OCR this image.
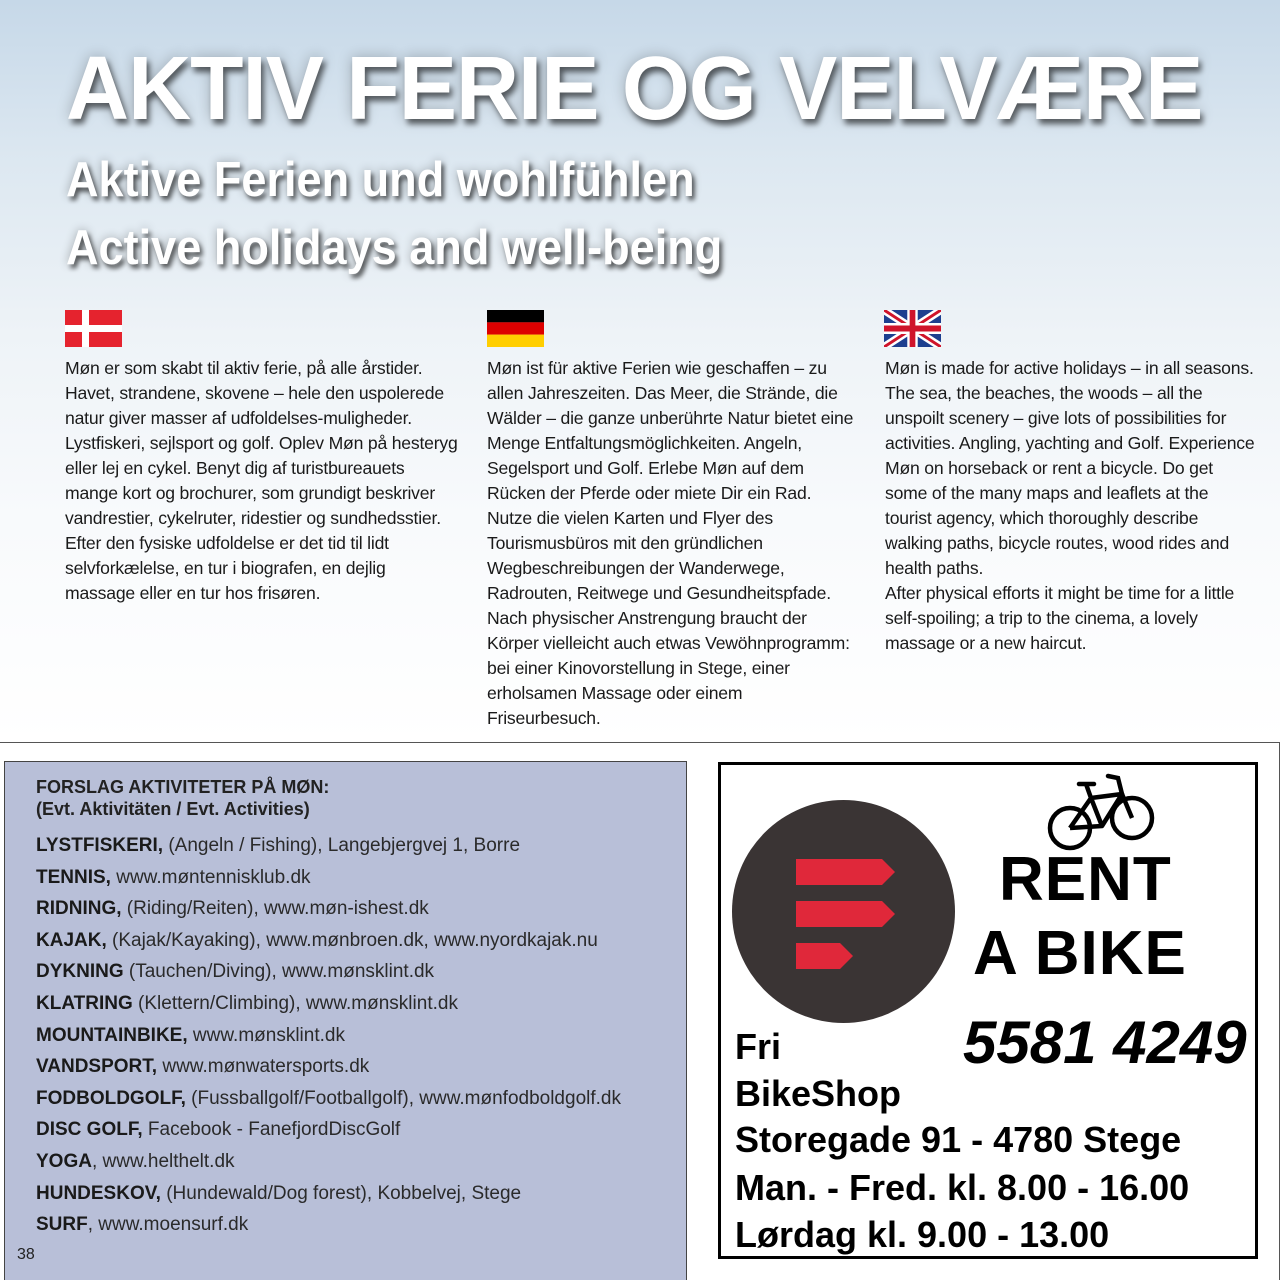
AKTIV FERIE OG VELVÆRE
Aktive Ferien und wohlfühlen
Active holidays and well-being

Møn er som skabt til aktiv ferie, på alle årstider. Havet, strandene, skovene – hele den uspolerede natur giver masser af udfoldelses-muligheder. Lystfiskeri, sejlsport og golf. Oplev Møn på hesteryg eller lej en cykel. Benyt dig af turistbureauets mange kort og brochurer, som grundigt beskriver vandrestier, cykelruter, ridestier og sundhedsstier.

Efter den fysiske udfoldelse er det tid til lidt selvforkælelse, en tur i biografen, en dejlig massage eller en tur hos frisøren.

Møn ist für aktive Ferien wie geschaffen – zu allen Jahreszeiten. Das Meer, die Strände, die Wälder – die ganze unberührte Natur bietet eine Menge Entfaltungsmöglichkeiten. Angeln, Segelsport und Golf. Erlebe Møn auf dem Rücken der Pferde oder miete Dir ein Rad. Nutze die vielen Karten und Flyer des Tourismusbüros mit den gründlichen Wegbeschreibungen der Wanderwege, Radrouten, Reitwege und Gesundheitspfade.

Nach physischer Anstrengung braucht der Körper vielleicht auch etwas Vewöhnprogramm: bei einer Kinovorstellung in Stege, einer erholsamen Massage oder einem Friseurbesuch.

Møn is made for active holidays – in all seasons. The sea, the beaches, the woods – all the unspoilt scenery – give lots of possibilities for activities. Angling, yachting and Golf. Experience Møn on horseback or rent a bicycle. Do get some of the many maps and leaflets at the tourist agency, which thoroughly describe walking paths, bicycle routes, wood rides and health paths.

After physical efforts it might be time for a little self-spoiling; a trip to the cinema, a lovely massage or a new haircut.

FORSLAG AKTIVITETER PÅ MØN:
(Evt. Aktivitäten / Evt. Activities)

LYSTFISKERI, (Angeln / Fishing), Langebjergvej 1, Borre
TENNIS, www.møntennisklub.dk
RIDNING, (Riding/Reiten), www.møn-ishest.dk
KAJAK, (Kajak/Kayaking), www.mønbroen.dk, www.nyordkajak.nu
DYKNING (Tauchen/Diving), www.mønsklint.dk
KLATRING (Klettern/Climbing), www.mønsklint.dk
MOUNTAINBIKE, www.mønsklint.dk
VANDSPORT, www.mønwatersports.dk
FODBOLDGOLF, (Fussballgolf/Footballgolf), www.mønfodboldgolf.dk
DISC GOLF, Facebook - FanefjordDiscGolf
YOGA, www.helthelt.dk
HUNDESKOV, (Hundewald/Dog forest), Kobbelvej, Stege
SURF, www.moensurf.dk
38

RENT

A BIKE

5581 4249

Fri

BikeShop

Storegade 91 - 4780 Stege

Man. - Fred. kl. 8.00 - 16.00

Lørdag kl. 9.00 - 13.00
